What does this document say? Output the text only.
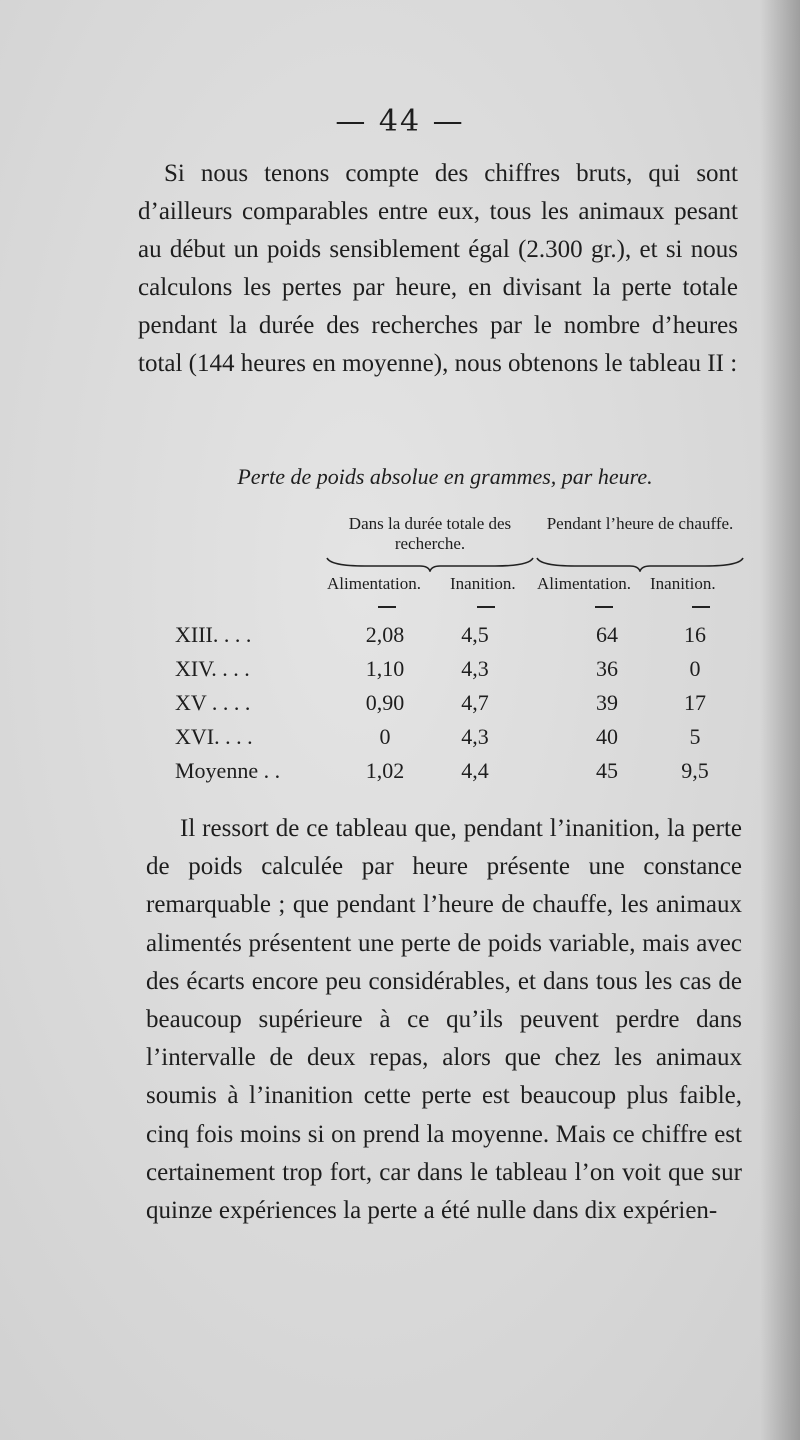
— 44 —

Si nous tenons compte des chiffres bruts, qui sont d’ailleurs comparables entre eux, tous les animaux pesant au début un poids sensiblement égal (2.300 gr.), et si nous calculons les pertes par heure, en divisant la perte totale pendant la durée des recherches par le nombre d’heures total (144 heures en moyenne), nous obtenons le tableau II :

Perte de poids absolue en grammes, par heure.
Dans la durée totale des recherche.
Pendant l’heure de chauffe.
Alimentation. Inanition. Alimentation. Inanition.
XIII. . . .	2,08	4,5	64	16
XIV. . . .	1,10	4,3	36	0
XV . . . .	0,90	4,7	39	17
XVI. . . .	0	4,3	40	5
Moyenne . .	1,02	4,4	45	9,5

Il ressort de ce tableau que, pendant l’inanition, la perte de poids calculée par heure présente une constance remarquable ; que pendant l’heure de chauffe, les animaux alimentés présentent une perte de poids variable, mais avec des écarts encore peu considérables, et dans tous les cas de beaucoup supérieure à ce qu’ils peuvent perdre dans l’intervalle de deux repas, alors que chez les animaux soumis à l’inanition cette perte est beaucoup plus faible, cinq fois moins si on prend la moyenne. Mais ce chiffre est certainement trop fort, car dans le tableau l’on voit que sur quinze expériences la perte a été nulle dans dix expérien-
